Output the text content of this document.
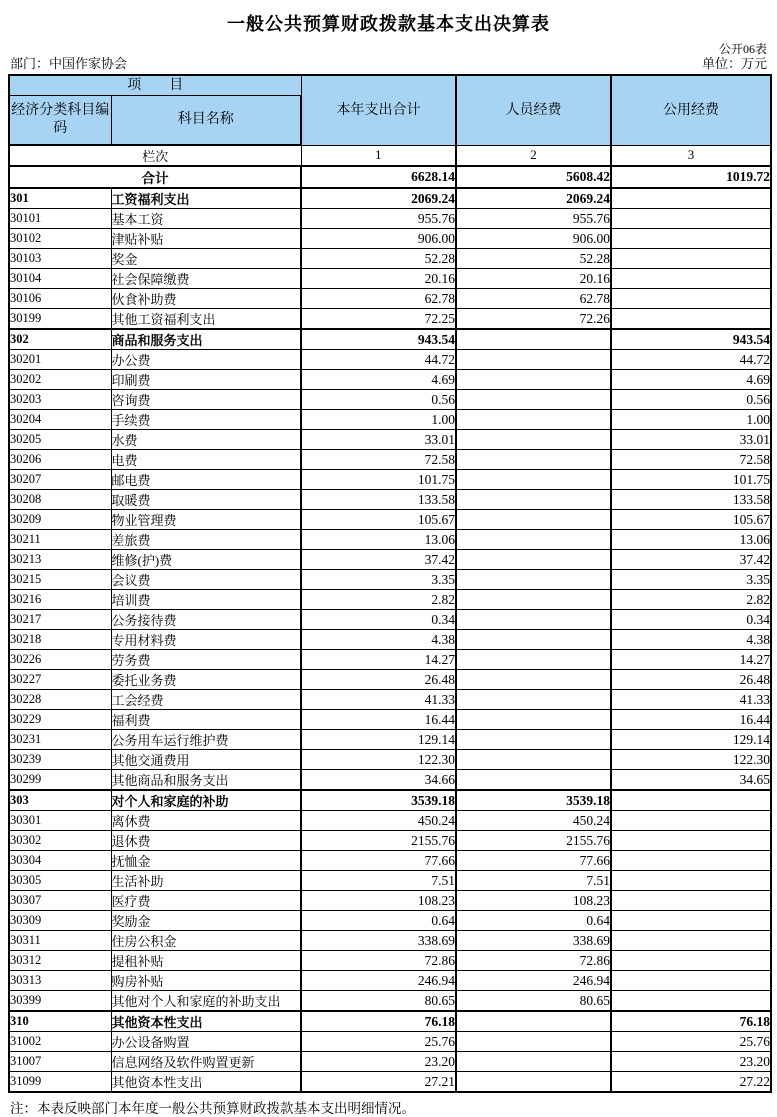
一般公共预算财政拨款基本支出决算表
公开06表
部门：中国作家协会	单位：万元
项　　目		本年支出合计	人员经费	公用经费
经济分类科目编码	科目名称			
栏次		1	2	3
合计		6628.14	5608.42	1019.72
301	工资福利支出	2069.24	2069.24	
30101	基本工资	955.76	955.76	
30102	津贴补贴	906.00	906.00	
30103	奖金	52.28	52.28	
30104	社会保障缴费	20.16	20.16	
30106	伙食补助费	62.78	62.78	
30199	其他工资福利支出	72.25	72.26	
302	商品和服务支出	943.54		943.54
30201	办公费	44.72		44.72
30202	印刷费	4.69		4.69
30203	咨询费	0.56		0.56
30204	手续费	1.00		1.00
30205	水费	33.01		33.01
30206	电费	72.58		72.58
30207	邮电费	101.75		101.75
30208	取暖费	133.58		133.58
30209	物业管理费	105.67		105.67
30211	差旅费	13.06		13.06
30213	维修(护)费	37.42		37.42
30215	会议费	3.35		3.35
30216	培训费	2.82		2.82
30217	公务接待费	0.34		0.34
30218	专用材料费	4.38		4.38
30226	劳务费	14.27		14.27
30227	委托业务费	26.48		26.48
30228	工会经费	41.33		41.33
30229	福利费	16.44		16.44
30231	公务用车运行维护费	129.14		129.14
30239	其他交通费用	122.30		122.30
30299	其他商品和服务支出	34.66		34.65
303	对个人和家庭的补助	3539.18	3539.18	
30301	离休费	450.24	450.24	
30302	退休费	2155.76	2155.76	
30304	抚恤金	77.66	77.66	
30305	生活补助	7.51	7.51	
30307	医疗费	108.23	108.23	
30309	奖励金	0.64	0.64	
30311	住房公积金	338.69	338.69	
30312	提租补贴	72.86	72.86	
30313	购房补贴	246.94	246.94	
30399	其他对个人和家庭的补助支出	80.65	80.65	
310	其他资本性支出	76.18		76.18
31002	办公设备购置	25.76		25.76
31007	信息网络及软件购置更新	23.20		23.20
31099	其他资本性支出	27.21		27.22
注：本表反映部门本年度一般公共预算财政拨款基本支出明细情况。
